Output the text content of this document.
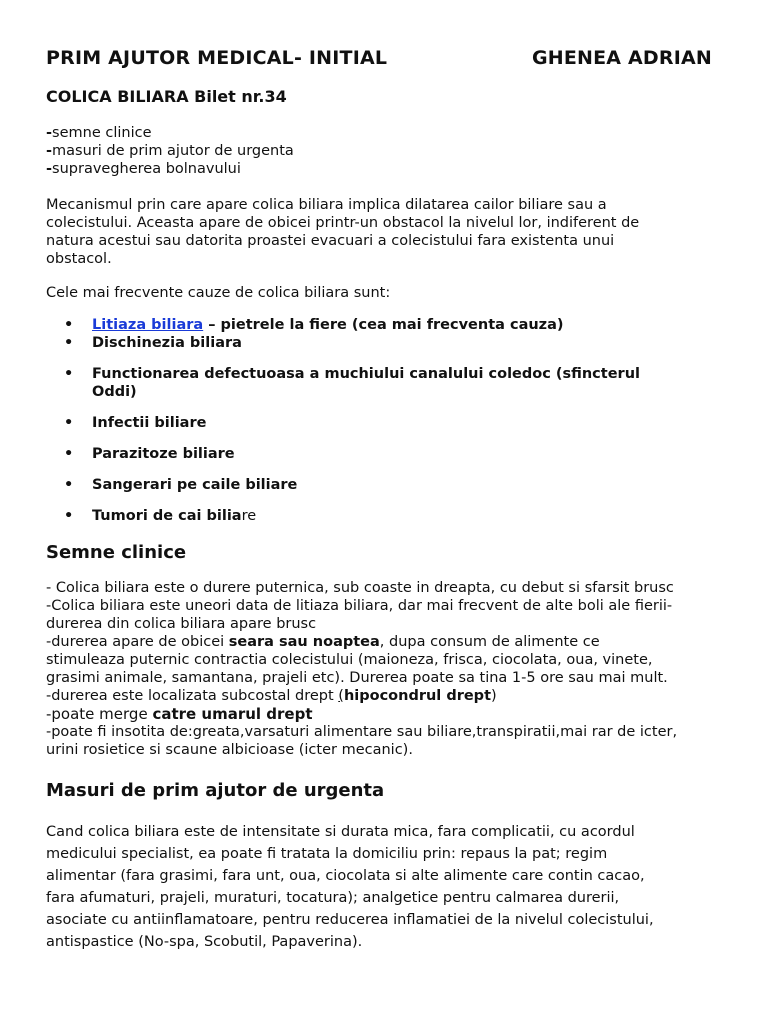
PRIM AJUTOR MEDICAL- INITIAL	GHENEA ADRIAN
COLICA BILIARA Bilet nr.34
-semne clinice
-masuri de prim ajutor de urgenta
-supravegherea bolnavului
Mecanismul prin care apare colica biliara implica dilatarea cailor biliare sau a
colecistului. Aceasta apare de obicei printr-un obstacol la nivelul lor, indiferent de
natura acestui sau datorita proastei evacuari a colecistului fara existenta unui
obstacol.
Cele mai frecvente cauze de colica biliara sunt:
• Litiaza biliara – pietrele la fiere (cea mai frecventa cauza)
• Dischinezia biliara
• Functionarea defectuoasa a muchiului canalului coledoc (sfincterul
Oddi)
• Infectii biliare
• Parazitoze biliare
• Sangerari pe caile biliare
• Tumori de cai biliare
Semne clinice
- Colica biliara este o durere puternica, sub coaste in dreapta, cu debut si sfarsit brusc
-Colica biliara este uneori data de litiaza biliara, dar mai frecvent de alte boli ale fierii-
durerea din colica biliara apare brusc
-durerea apare de obicei seara sau noaptea, dupa consum de alimente ce
stimuleaza puternic contractia colecistului (maioneza, frisca, ciocolata, oua, vinete,
grasimi animale, samantana, prajeli etc). Durerea poate sa tina 1-5 ore sau mai mult.
-durerea este localizata subcostal drept (hipocondrul drept)
-poate merge catre umarul drept
-poate fi insotita de:greata,varsaturi alimentare sau biliare,transpiratii,mai rar de icter,
urini rosietice si scaune albicioase (icter mecanic).
Masuri de prim ajutor de urgenta
Cand colica biliara este de intensitate si durata mica, fara complicatii, cu acordul
medicului specialist, ea poate fi tratata la domiciliu prin: repaus la pat; regim
alimentar (fara grasimi, fara unt, oua, ciocolata si alte alimente care contin cacao,
fara afumaturi, prajeli, muraturi, tocatura); analgetice pentru calmarea durerii,
asociate cu antiinflamatoare, pentru reducerea inflamatiei de la nivelul colecistului,
antispastice (No-spa, Scobutil, Papaverina).
